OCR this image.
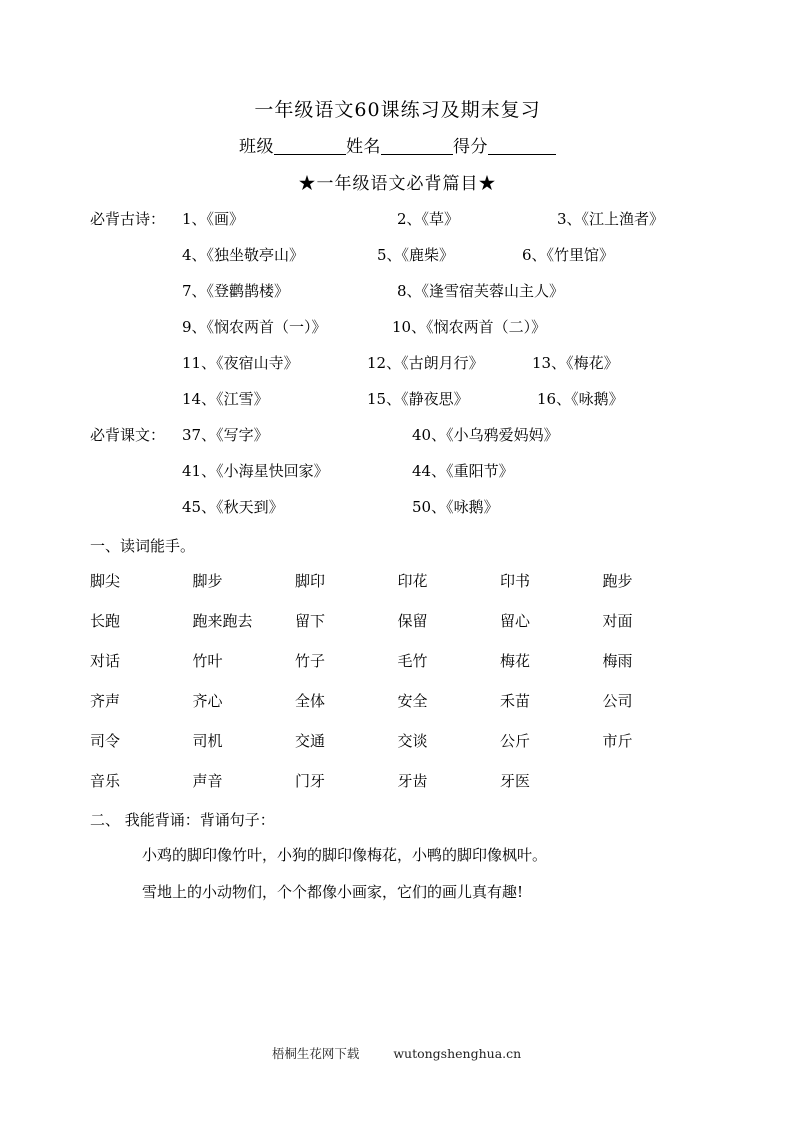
一年级语文60课练习及期末复习
班级	姓名	得分
★一年级语文必背篇目★
必背古诗：	1、《画》	2、《草》	3、《江上渔者》
4、《独坐敬亭山》	5、《鹿柴》	6、《竹里馆》
7、《登鹳鹊楼》	8、《逢雪宿芙蓉山主人》
9、《悯农两首（一）》	10、《悯农两首（二）》
11、《夜宿山寺》	12、《古朗月行》	13、《梅花》
14、《江雪》	15、《静夜思》	16、《咏鹅》
必背课文：	37、《写字》	40、《小乌鸦爱妈妈》
41、《小海星快回家》	44、《重阳节》
45、《秋天到》	50、《咏鹅》
一、读词能手。
脚尖	脚步	脚印	印花	印书	跑步
长跑	跑来跑去	留下	保留	留心	对面
对话	竹叶	竹子	毛竹	梅花	梅雨
齐声	齐心	全体	安全	禾苗	公司
司令	司机	交通	交谈	公斤	市斤
音乐	声音	门牙	牙齿	牙医
二、 我能背诵：背诵句子：
小鸡的脚印像竹叶，小狗的脚印像梅花，小鸭的脚印像枫叶。
雪地上的小动物们，个个都像小画家，它们的画儿真有趣!
梧桐生花网下载	wutongshenghua.cn
